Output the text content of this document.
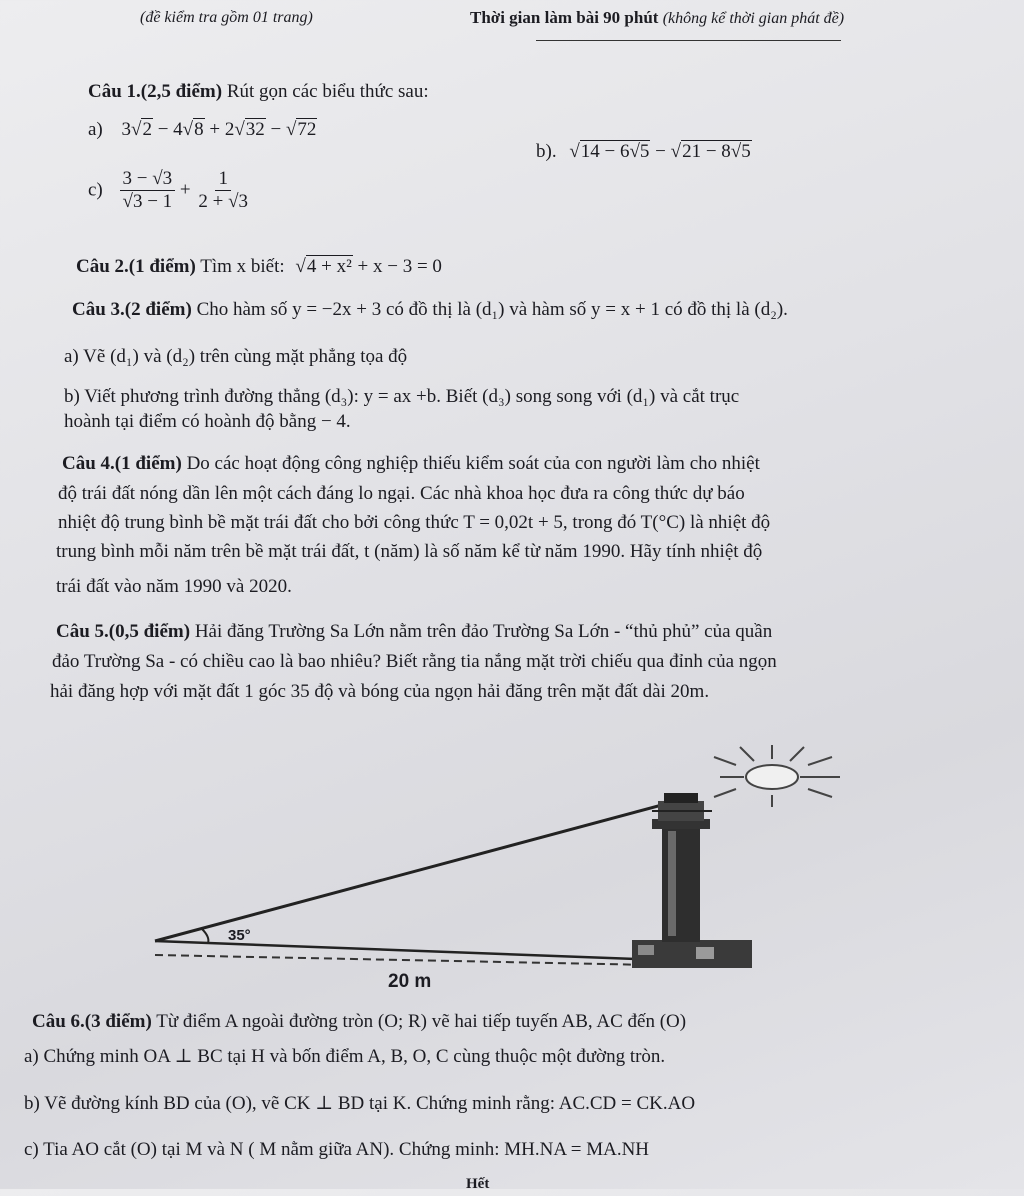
(đề kiểm tra gồm 01 trang)	Thời gian làm bài 90 phút (không kể thời gian phát đề)
Câu 1.(2,5 điểm) Rút gọn các biểu thức sau:
a) 3√2 − 4√8 + 2√32 − √72
b). √14 − 6√5 − √21 − 8√5
$c) \frac{3 - √3}{√3 - 1} + \frac{1}{2 + √3}$
Câu 2.(1 điểm) Tìm x biết: √4 + x² + x − 3 = 0
Câu 3.(2 điểm) Cho hàm số y = −2x + 3 có đồ thị là (d₁) và hàm số y = x + 1 có đồ thị là (d₂).
a) Vẽ (d₁) và (d₂) trên cùng mặt phẳng tọa độ
b) Viết phương trình đường thẳng (d₃): y = ax +b. Biết (d₃) song song với (d₁) và cắt trục
hoành tại điểm có hoành độ bằng − 4.
Câu 4.(1 điểm) Do các hoạt động công nghiệp thiếu kiểm soát của con người làm cho nhiệt
độ trái đất nóng dần lên một cách đáng lo ngại. Các nhà khoa học đưa ra công thức dự báo
nhiệt độ trung bình bề mặt trái đất cho bởi công thức T = 0,02t + 5, trong đó T(°C) là nhiệt độ
trung bình mỗi năm trên bề mặt trái đất, t (năm) là số năm kể từ năm 1990. Hãy tính nhiệt độ
trái đất vào năm 1990 và 2020.
Câu 5.(0,5 điểm) Hải đăng Trường Sa Lớn nằm trên đảo Trường Sa Lớn - “thủ phủ” của quần
đảo Trường Sa - có chiều cao là bao nhiêu? Biết rằng tia nắng mặt trời chiếu qua đỉnh của ngọn
hải đăng hợp với mặt đất 1 góc 35 độ và bóng của ngọn hải đăng trên mặt đất dài 20m.
35°
20 m
Câu 6.(3 điểm) Từ điểm A ngoài đường tròn (O; R) vẽ hai tiếp tuyến AB, AC đến (O)
a) Chứng minh OA ⊥ BC tại H và bốn điểm A, B, O, C cùng thuộc một đường tròn.
b) Vẽ đường kính BD của (O), vẽ CK ⊥ BD tại K. Chứng minh rằng: AC.CD = CK.AO
c) Tia AO cắt (O) tại M và N ( M nằm giữa AN). Chứng minh: MH.NA = MA.NH
Hết
